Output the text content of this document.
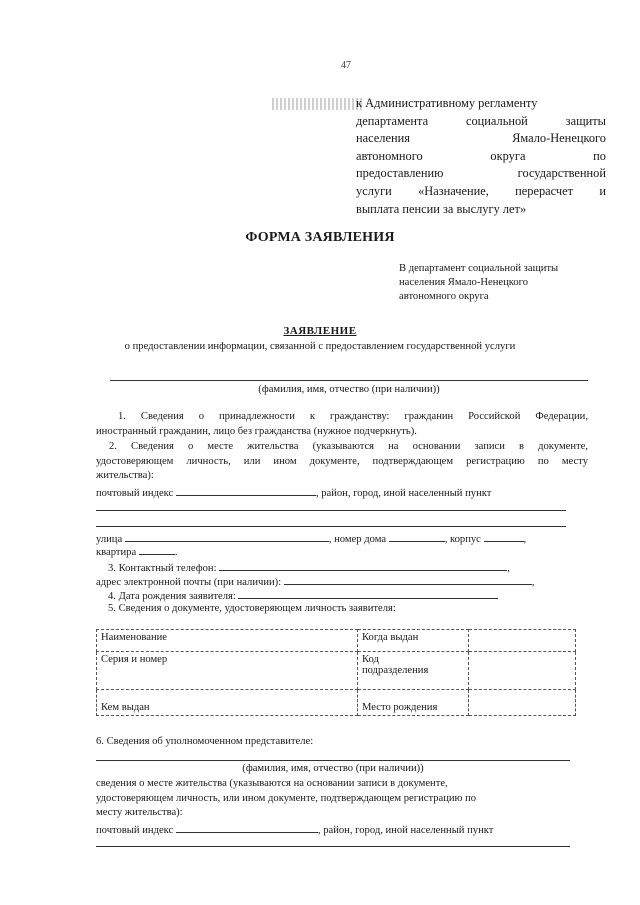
47
к Административному регламенту
департамента социальной защиты
населения Ямало-Ненецкого
автономного округа по
предоставлению государственной
услуги «Назначение, перерасчет и
выплата пенсии за выслугу лет»
ФОРМА ЗАЯВЛЕНИЯ
В департамент социальной защиты
населения Ямало-Ненецкого
автономного округа
ЗАЯВЛЕНИЕ
о предоставлении информации, связанной с предоставлением государственной услуги
(фамилия, имя, отчество (при наличии))
1. Сведения о принадлежности к гражданству: гражданин Российской Федерации,
иностранный гражданин, лицо без гражданства (нужное подчеркнуть).
2. Сведения о месте жительства (указываются на основании записи в документе,
удостоверяющем личность, или ином документе, подтверждающем регистрацию по месту
жительства):
почтовый индекс	, район, город, иной населенный пункт
улица	, номер дома	, корпус	,
квартира	.
3. Контактный телефон:	,
адрес электронной почты (при наличии):	,
4. Дата рождения заявителя:
5. Сведения о документе, удостоверяющем личность заявителя:
Наименование	Когда выдан	
Серия и номер	Код
подразделения	

Кем выдан	Место рождения	
6. Сведения об уполномоченном представителе:
(фамилия, имя, отчество (при наличии))
сведения о месте жительства (указываются на основании записи в документе,
удостоверяющем личность, или ином документе, подтверждающем регистрацию по
месту жительства):
почтовый индекс	, район, город, иной населенный пункт
